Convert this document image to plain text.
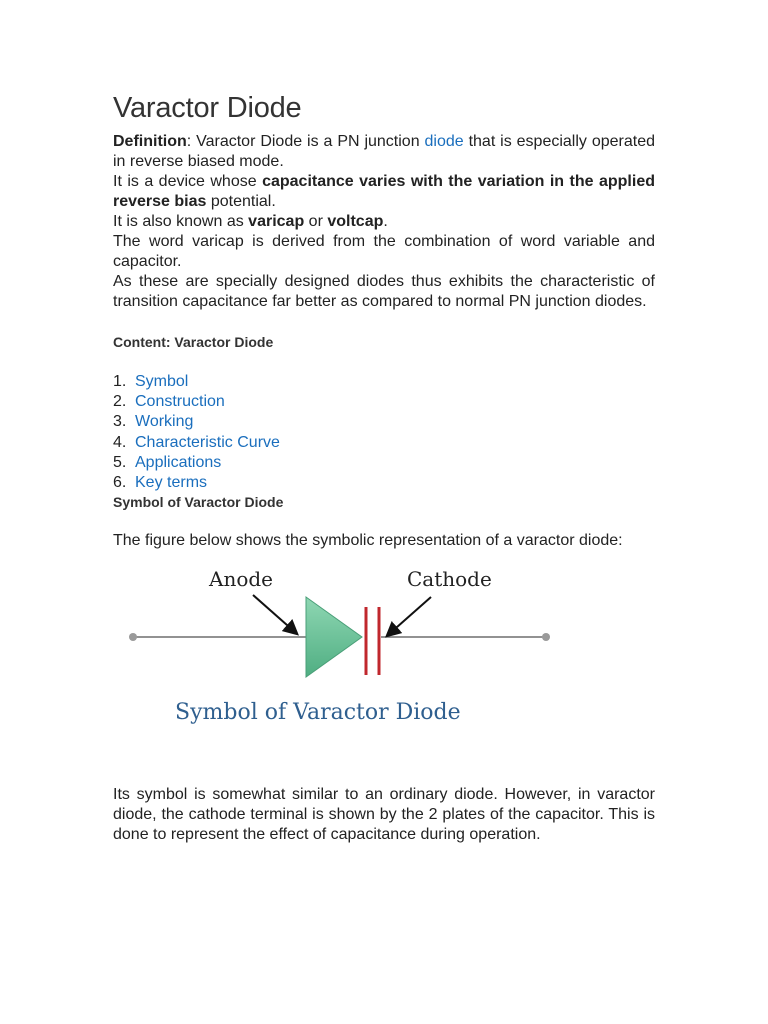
Varactor Diode

Definition: Varactor Diode is a PN junction diode that is especially operated in reverse biased mode.

It is a device whose capacitance varies with the variation in the applied reverse bias potential.

It is also known as varicap or voltcap.

The word varicap is derived from the combination of word variable and capacitor.

As these are specially designed diodes thus exhibits the characteristic of transition capacitance far better as compared to normal PN junction diodes.

Content: Varactor Diode

1. Symbol
2. Construction
3. Working
4. Characteristic Curve
5. Applications
6. Key terms

Symbol of Varactor Diode

The figure below shows the symbolic representation of a varactor diode:

Anode	Cathode
Symbol of Varactor Diode

Its symbol is somewhat similar to an ordinary diode. However, in varactor diode, the cathode terminal is shown by the 2 plates of the capacitor. This is done to represent the effect of capacitance during operation.
